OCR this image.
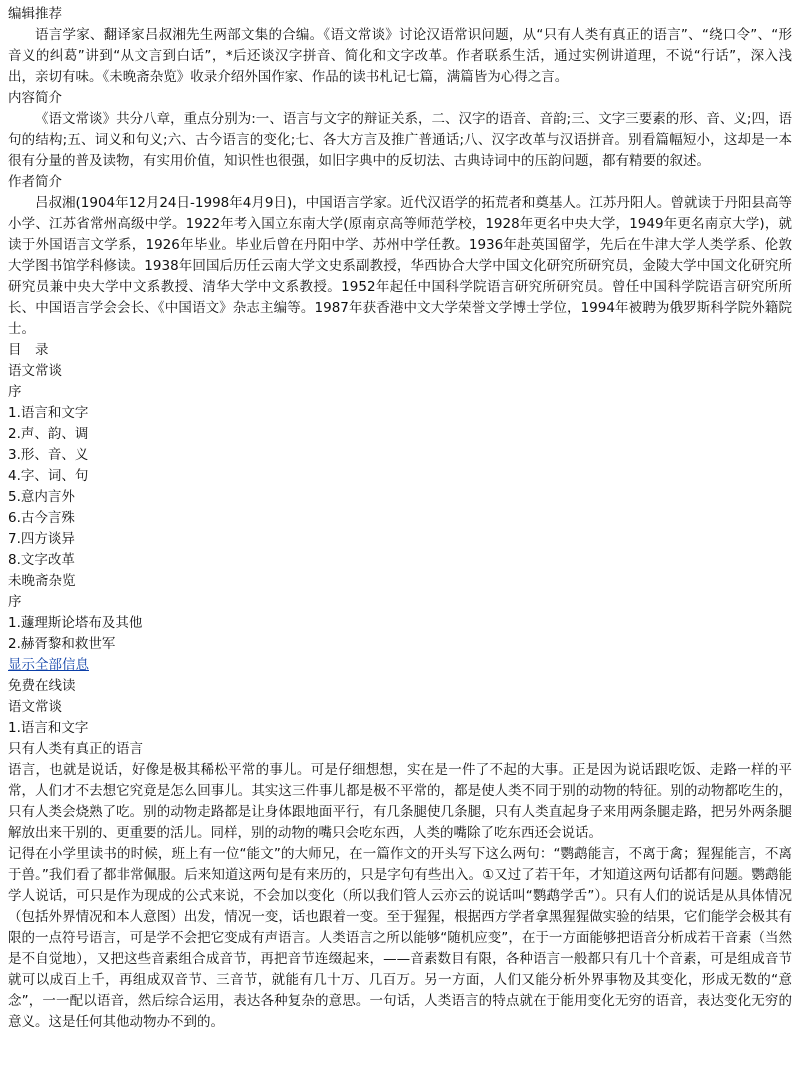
编辑推荐

语言学家、翻译家吕叔湘先生两部文集的合编。《语文常谈》讨论汉语常识问题，从“只有人类有真正的语言”、“绕口令”、“形音义的纠葛”讲到“从文言到白话”，*后还谈汉字拼音、简化和文字改革。作者联系生活，通过实例讲道理，不说“行话”，深入浅出，亲切有味。《未晚斋杂览》收录介绍外国作家、作品的读书札记七篇，满篇皆为心得之言。

内容简介

《语文常谈》共分八章，重点分别为:一、语言与文字的辩证关系，二、汉字的语音、音韵;三、文字三要素的形、音、义;四，语句的结构;五、词义和句义;六、古今语言的变化;七、各大方言及推广普通话;八、汉字改革与汉语拼音。别看篇幅短小，这却是一本很有分量的普及读物，有实用价值，知识性也很强，如旧字典中的反切法、古典诗词中的压韵问题，都有精要的叙述。

作者简介

吕叔湘(1904年12月24日-1998年4月9日)，中国语言学家。近代汉语学的拓荒者和奠基人。江苏丹阳人。曾就读于丹阳县高等小学、江苏省常州高级中学。1922年考入国立东南大学(原南京高等师范学校，1928年更名中央大学，1949年更名南京大学)，就读于外国语言文学系，1926年毕业。毕业后曾在丹阳中学、苏州中学任教。1936年赴英国留学，先后在牛津大学人类学系、伦敦大学图书馆学科修读。1938年回国后历任云南大学文史系副教授，华西协合大学中国文化研究所研究员，金陵大学中国文化研究所研究员兼中央大学中文系教授、清华大学中文系教授。1952年起任中国科学院语言研究所研究员。曾任中国科学院语言研究所所长、中国语言学会会长、《中国语文》杂志主编等。1987年获香港中文大学荣誉文学博士学位，1994年被聘为俄罗斯科学院外籍院士。

目　录

语文常谈

序

1.语言和文字

2.声、韵、调

3.形、音、义

4.字、词、句

5.意内言外

6.古今言殊

7.四方谈异

8.文字改革

未晚斋杂览

序

1.蘧理斯论塔布及其他

2.赫胥黎和救世军

显示全部信息

免费在线读

语文常谈

1.语言和文字

只有人类有真正的语言

语言，也就是说话，好像是极其稀松平常的事儿。可是仔细想想，实在是一件了不起的大事。正是因为说话跟吃饭、走路一样的平常，人们才不去想它究竟是怎么回事儿。其实这三件事儿都是极不平常的，都是使人类不同于别的动物的特征。别的动物都吃生的，只有人类会烧熟了吃。别的动物走路都是让身体跟地面平行，有几条腿使几条腿，只有人类直起身子来用两条腿走路，把另外两条腿解放出来干别的、更重要的活儿。同样，别的动物的嘴只会吃东西，人类的嘴除了吃东西还会说话。

记得在小学里读书的时候，班上有一位“能文”的大师兄，在一篇作文的开头写下这么两句：“鹦鹉能言，不离于禽；猩猩能言，不离于兽。”我们看了都非常佩服。后来知道这两句是有来历的，只是字句有些出入。①又过了若干年，才知道这两句话都有问题。鹦鹉能学人说话，可只是作为现成的公式来说，不会加以变化（所以我们管人云亦云的说话叫“鹦鹉学舌”）。只有人们的说话是从具体情况（包括外界情况和本人意图）出发，情况一变，话也跟着一变。至于猩猩，根据西方学者拿黑猩猩做实验的结果，它们能学会极其有限的一点符号语言，可是学不会把它变成有声语言。人类语言之所以能够“随机应变”，在于一方面能够把语音分析成若干音素（当然是不自觉地），又把这些音素组合成音节，再把音节连缀起来，——音素数目有限，各种语言一般都只有几十个音素，可是组成音节就可以成百上千，再组成双音节、三音节，就能有几十万、几百万。另一方面，人们又能分析外界事物及其变化，形成无数的“意念”，一一配以语音，然后综合运用，表达各种复杂的意思。一句话，人类语言的特点就在于能用变化无穷的语音，表达变化无穷的意义。这是任何其他动物办不到的。
